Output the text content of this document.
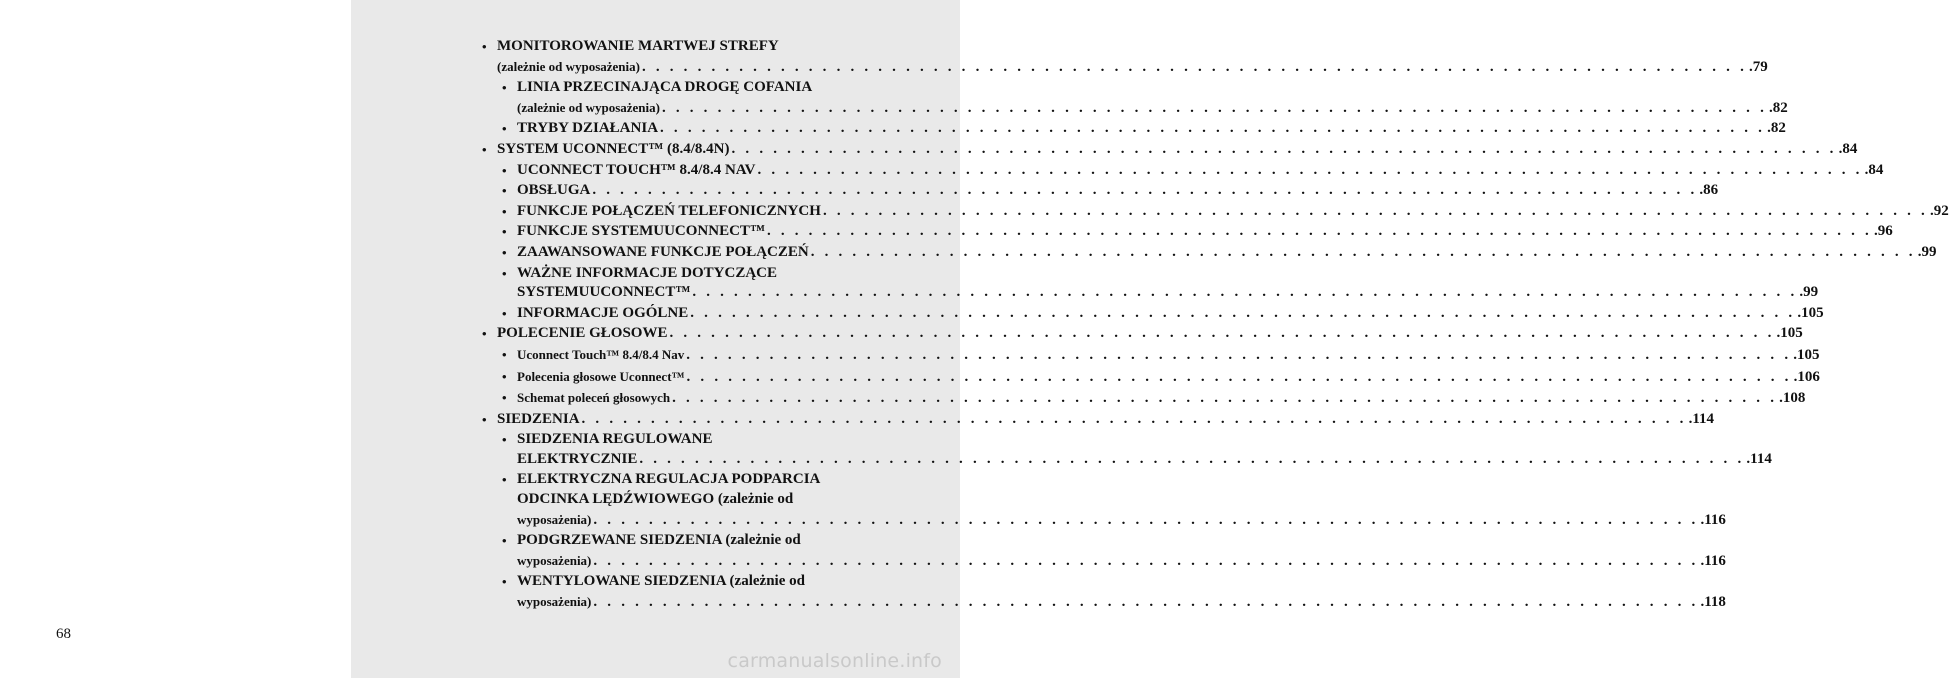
68
• MONITOROWANIE MARTWEJ STREFY
(zależnie od wyposażenia) . . . . . . . . . . . . . . . . . . . . . . . . . . . . . . . . . . . . . . . . . . . . . . . . . . . . . . . . . . . . . . . . . . . . . . . . . . . . . . . . .79
• LINIA PRZECINAJĄCA DROGĘ COFANIA
(zależnie od wyposażenia) . . . . . . . . . . . . . . . . . . . . . . . . . . . . . . . . . . . . . . . . . . . . . . . . . . . . . . . . . . . . . . . . . . . . . . . . . . . . . . . . .82
• TRYBY DZIAŁANIA . . . . . . . . . . . . . . . . . . . . . . . . . . . . . . . . . . . . . . . . . . . . . . . . . . . . . . . . . . . . . . . . . . . . . . . . . . . . . . . . .82
• SYSTEM UCONNECT™ (8.4/8.4N) . . . . . . . . . . . . . . . . . . . . . . . . . . . . . . . . . . . . . . . . . . . . . . . . . . . . . . . . . . . . . . . . . . . . . . . . . . . . . . . . .84
• UCONNECT TOUCH™ 8.4/8.4 NAV . . . . . . . . . . . . . . . . . . . . . . . . . . . . . . . . . . . . . . . . . . . . . . . . . . . . . . . . . . . . . . . . . . . . . . . . . . . . . . . . .84
• OBSŁUGA . . . . . . . . . . . . . . . . . . . . . . . . . . . . . . . . . . . . . . . . . . . . . . . . . . . . . . . . . . . . . . . . . . . . . . . . . . . . . . . . .86
• FUNKCJE POŁĄCZEŃ TELEFONICZNYCH . . . . . . . . . . . . . . . . . . . . . . . . . . . . . . . . . . . . . . . . . . . . . . . . . . . . . . . . . . . . . . . . . . . . . . . . . . . . . . . . .92
• FUNKCJE SYSTEMUUCONNECT™ . . . . . . . . . . . . . . . . . . . . . . . . . . . . . . . . . . . . . . . . . . . . . . . . . . . . . . . . . . . . . . . . . . . . . . . . . . . . . . . . .96
• ZAAWANSOWANE FUNKCJE POŁĄCZEŃ . . . . . . . . . . . . . . . . . . . . . . . . . . . . . . . . . . . . . . . . . . . . . . . . . . . . . . . . . . . . . . . . . . . . . . . . . . . . . . . . .99
• WAŻNE INFORMACJE DOTYCZĄCE
SYSTEMUUCONNECT™ . . . . . . . . . . . . . . . . . . . . . . . . . . . . . . . . . . . . . . . . . . . . . . . . . . . . . . . . . . . . . . . . . . . . . . . . . . . . . . . . .99
• INFORMACJE OGÓLNE . . . . . . . . . . . . . . . . . . . . . . . . . . . . . . . . . . . . . . . . . . . . . . . . . . . . . . . . . . . . . . . . . . . . . . . . . . . . . . . . .105
• POLECENIE GŁOSOWE . . . . . . . . . . . . . . . . . . . . . . . . . . . . . . . . . . . . . . . . . . . . . . . . . . . . . . . . . . . . . . . . . . . . . . . . . . . . . . . . .105
• Uconnect Touch™ 8.4/8.4 Nav . . . . . . . . . . . . . . . . . . . . . . . . . . . . . . . . . . . . . . . . . . . . . . . . . . . . . . . . . . . . . . . . . . . . . . . . . . . . . . . . .105
• Polecenia głosowe Uconnect™ . . . . . . . . . . . . . . . . . . . . . . . . . . . . . . . . . . . . . . . . . . . . . . . . . . . . . . . . . . . . . . . . . . . . . . . . . . . . . . . . .106
• Schemat poleceń głosowych . . . . . . . . . . . . . . . . . . . . . . . . . . . . . . . . . . . . . . . . . . . . . . . . . . . . . . . . . . . . . . . . . . . . . . . . . . . . . . . . .108
• SIEDZENIA . . . . . . . . . . . . . . . . . . . . . . . . . . . . . . . . . . . . . . . . . . . . . . . . . . . . . . . . . . . . . . . . . . . . . . . . . . . . . . . . .114
• SIEDZENIA REGULOWANE
ELEKTRYCZNIE . . . . . . . . . . . . . . . . . . . . . . . . . . . . . . . . . . . . . . . . . . . . . . . . . . . . . . . . . . . . . . . . . . . . . . . . . . . . . . . . .114
• ELEKTRYCZNA REGULACJA PODPARCIA
ODCINKA LĘDŹWIOWEGO (zależnie od
wyposażenia) . . . . . . . . . . . . . . . . . . . . . . . . . . . . . . . . . . . . . . . . . . . . . . . . . . . . . . . . . . . . . . . . . . . . . . . . . . . . . . . . .116
• PODGRZEWANE SIEDZENIA (zależnie od
wyposażenia) . . . . . . . . . . . . . . . . . . . . . . . . . . . . . . . . . . . . . . . . . . . . . . . . . . . . . . . . . . . . . . . . . . . . . . . . . . . . . . . . .116
• WENTYLOWANE SIEDZENIA (zależnie od
wyposażenia) . . . . . . . . . . . . . . . . . . . . . . . . . . . . . . . . . . . . . . . . . . . . . . . . . . . . . . . . . . . . . . . . . . . . . . . . . . . . . . . . .118
carmanualsonline.info
